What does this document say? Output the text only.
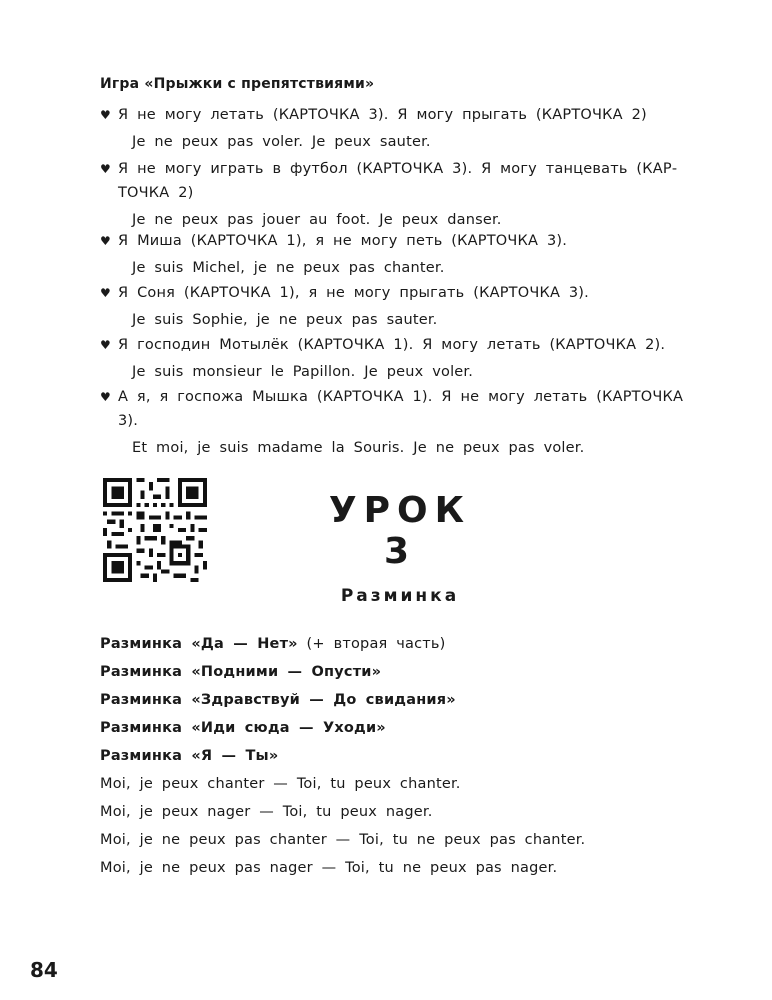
Игра «Прыжки с препятствиями»
♥ Я не могу летать (КАРТОЧКА 3). Я могу прыгать (КАРТОЧКА 2)
Je ne peux pas voler. Je peux sauter.
♥ Я не могу играть в футбол (КАРТОЧКА 3). Я могу танцевать (КАР-ТОЧКА 2)
Je ne peux pas jouer au foot. Je peux danser.
♥ Я Миша (КАРТОЧКА 1), я не могу петь (КАРТОЧКА 3).
Je suis Michel, je ne peux pas chanter.
♥ Я Соня (КАРТОЧКА 1), я не могу прыгать (КАРТОЧКА 3).
Je suis Sophie, je ne peux pas sauter.
♥ Я господин Мотылёк (КАРТОЧКА 1). Я могу летать (КАРТОЧКА 2).
Je suis monsieur le Papillon. Je peux voler.
♥ А я, я госпожа Мышка (КАРТОЧКА 1). Я не могу летать (КАРТОЧКА 3).
Et moi, je suis madame la Souris. Je ne peux pas voler.
УРОК 3
Разминка
Разминка «Да — Нет» (+ вторая часть)
Разминка «Подними — Опусти»
Разминка «Здравствуй — До свидания»
Разминка «Иди сюда — Уходи»
Разминка «Я — Ты»
Moi, je peux chanter — Toi, tu peux chanter.
Moi, je peux nager — Toi, tu peux nager.
Moi, je ne peux pas chanter — Toi, tu ne peux pas chanter.
Moi, je ne peux pas nager — Toi, tu ne peux pas nager.
84
